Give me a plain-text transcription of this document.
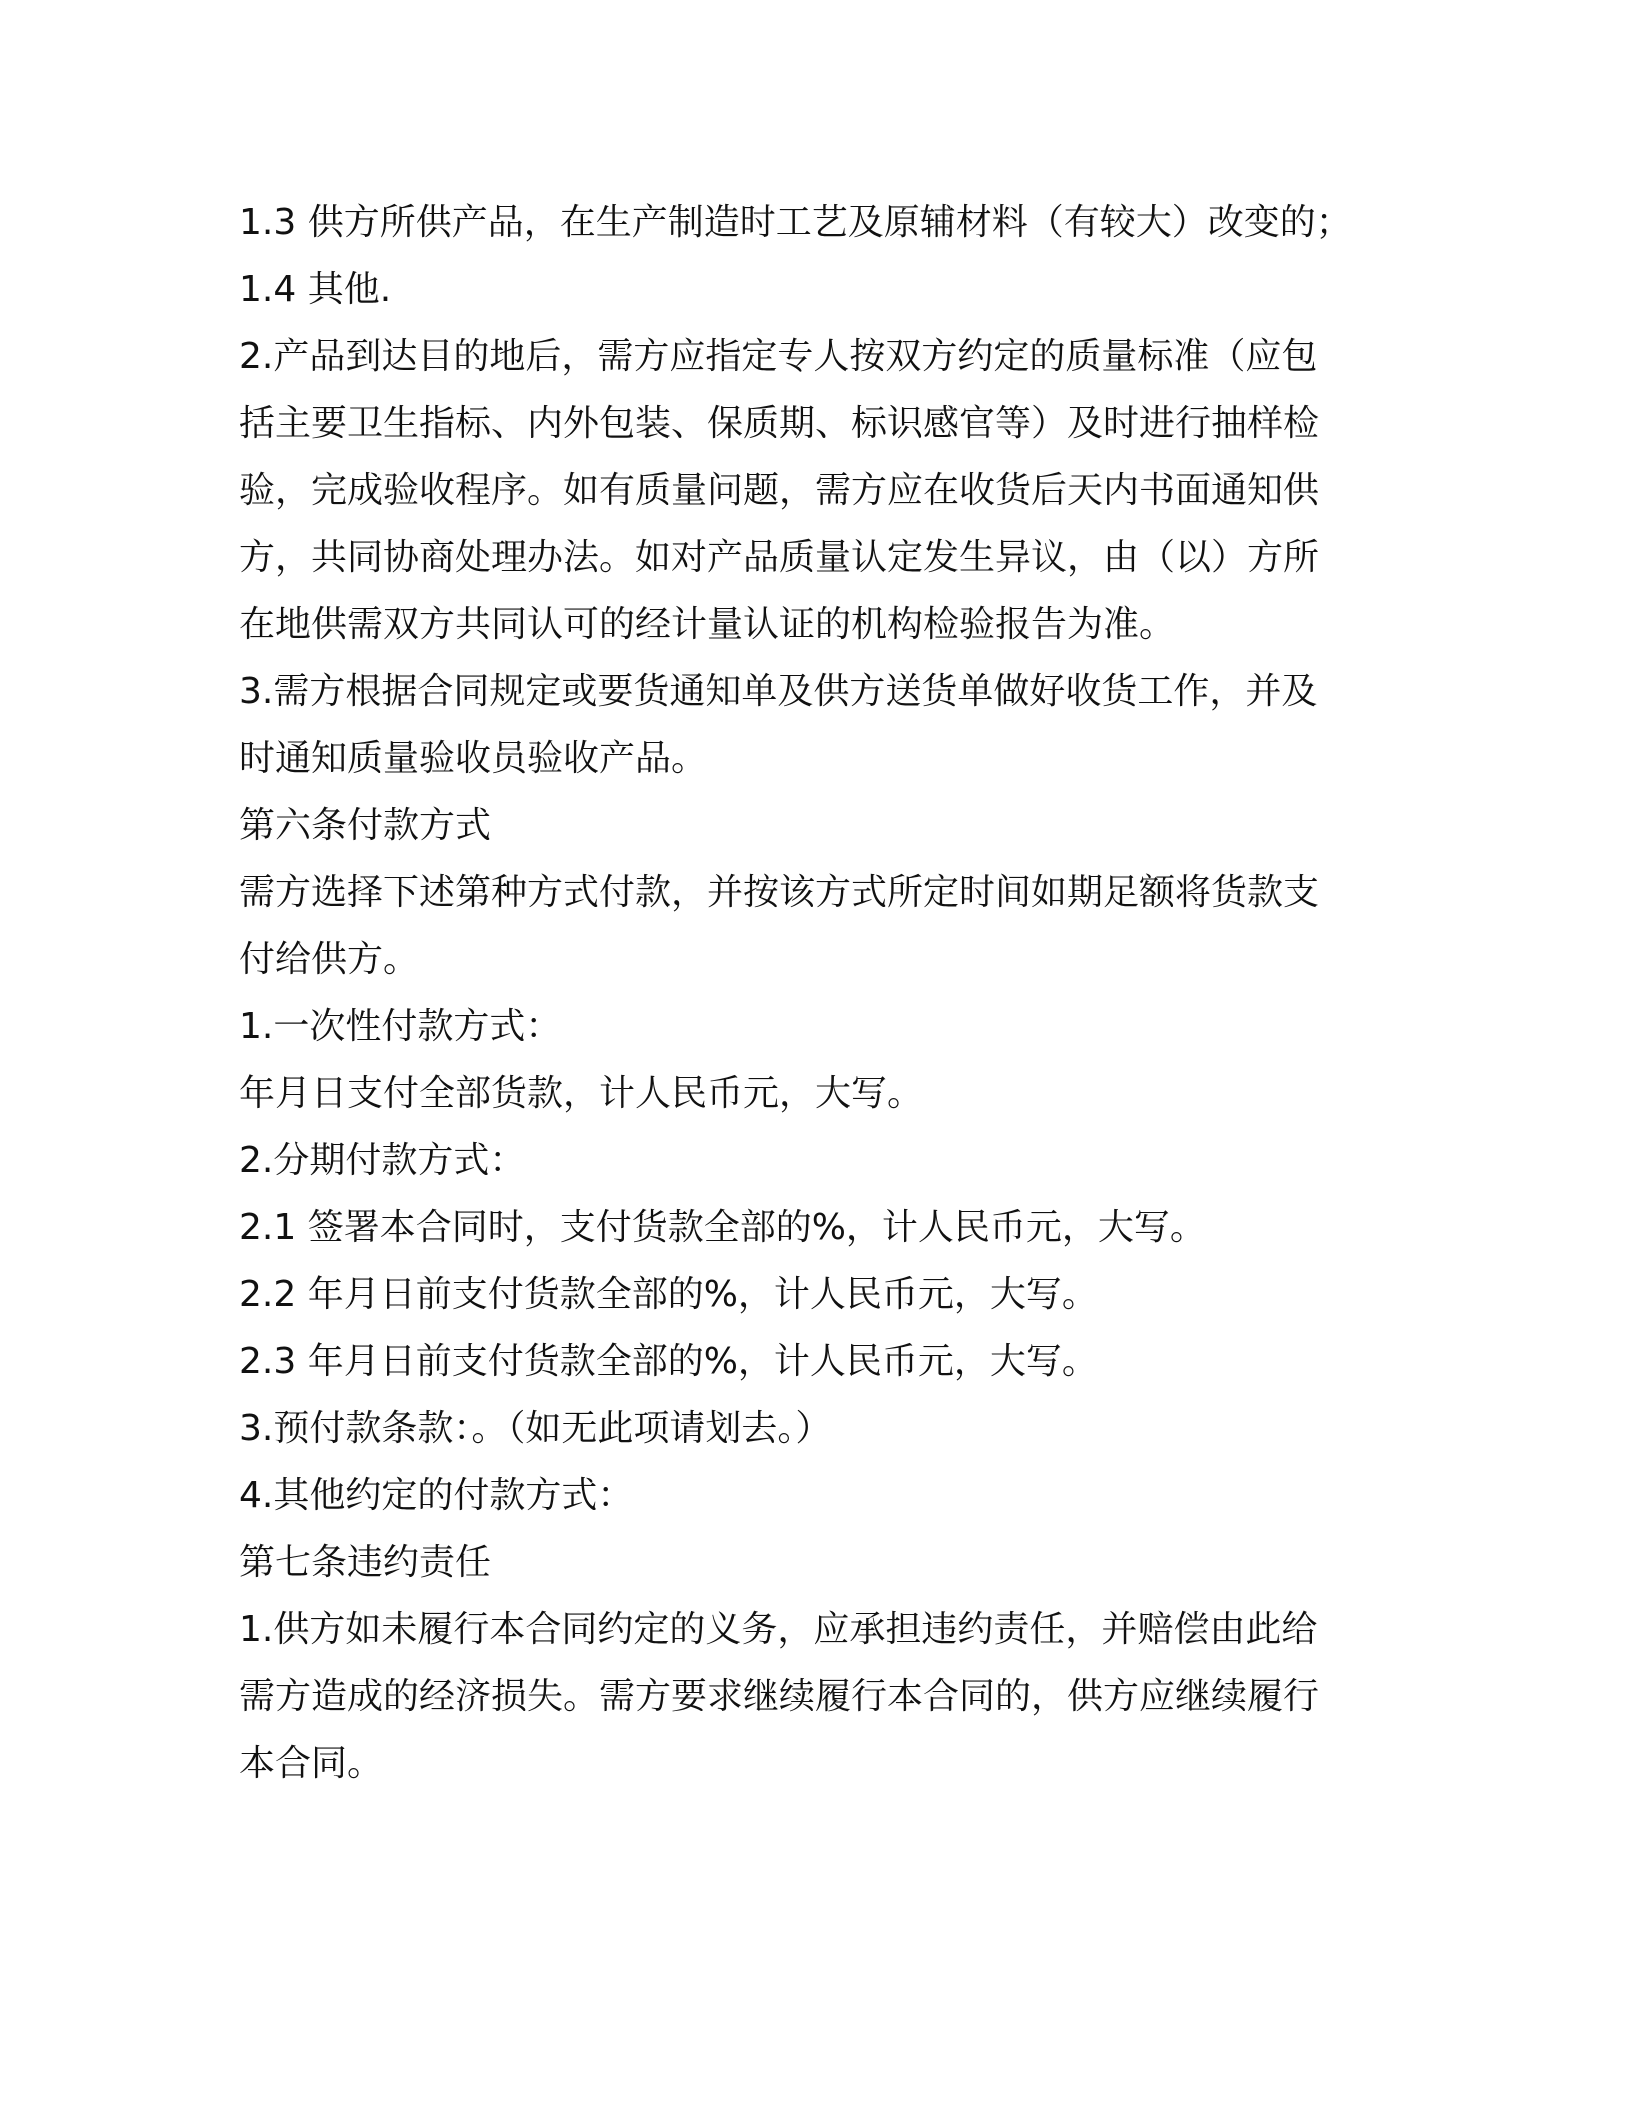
1.3 供方所供产品，在生产制造时工艺及原辅材料（有较大）改变的；
1.4 其他.
2.产品到达目的地后，需方应指定专人按双方约定的质量标准（应包
括主要卫生指标、内外包装、保质期、标识感官等）及时进行抽样检
验，完成验收程序。如有质量问题，需方应在收货后天内书面通知供
方，共同协商处理办法。如对产品质量认定发生异议，由（以）方所
在地供需双方共同认可的经计量认证的机构检验报告为准。
3.需方根据合同规定或要货通知单及供方送货单做好收货工作，并及
时通知质量验收员验收产品。
第六条付款方式
需方选择下述第种方式付款，并按该方式所定时间如期足额将货款支
付给供方。
1.一次性付款方式：
年月日支付全部货款，计人民币元，大写。
2.分期付款方式：
2.1 签署本合同时，支付货款全部的%，计人民币元，大写。
2.2 年月日前支付货款全部的%，计人民币元，大写。
2.3 年月日前支付货款全部的%，计人民币元，大写。
3.预付款条款：。（如无此项请划去。）
4.其他约定的付款方式：
第七条违约责任
1.供方如未履行本合同约定的义务，应承担违约责任，并赔偿由此给
需方造成的经济损失。需方要求继续履行本合同的，供方应继续履行
本合同。
